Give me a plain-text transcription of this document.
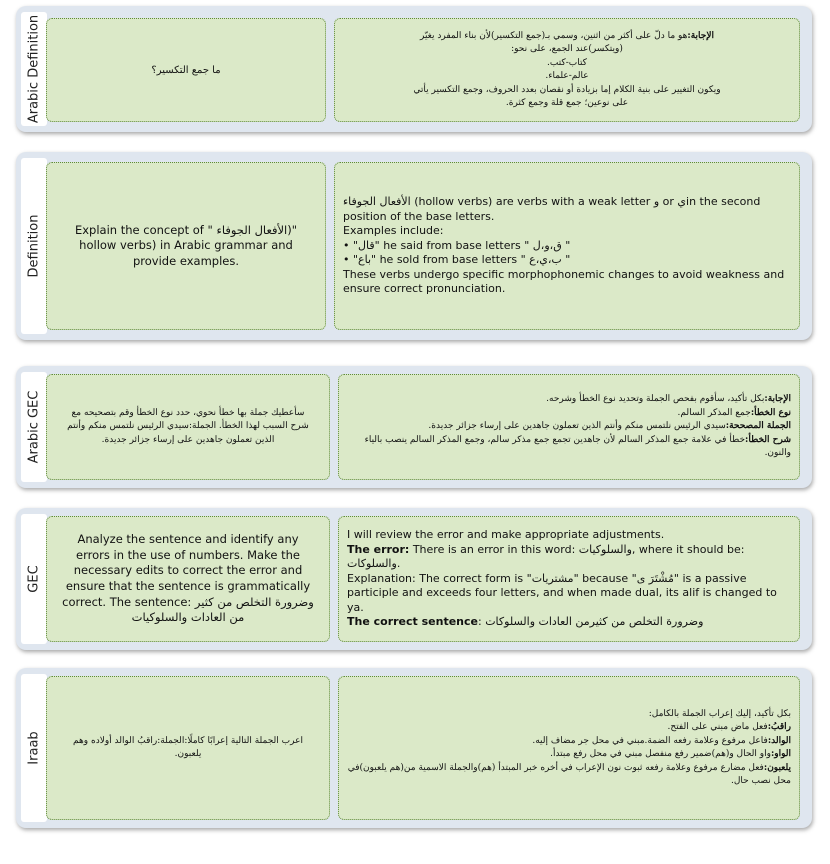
Arabic Definition	ما جمع التكسير؟
الإجابة:هو ما دلّ على أكثر من اثنين، وسمي بـ(جمع التكسير)لأن بناء المفرد يغيّر
(ويتكسر)عند الجمع، على نحو:
كتاب-كتب.
عالم-علماء.
ويكون التغيير على بنية الكلام إما بزيادة أو نقصان بعدد الحروف، وجمع التكسير يأتي
على نوعين؛ جمع قلة وجمع كثرة.
Definition	Explain the concept of " الأفعال الجوفاء)" hollow verbs) in Arabic grammar and provide examples.
الأفعال الجوفاء (hollow verbs) are verbs with a weak letter و or يin the second position of the base letters.
Examples include:
• "قال" he said from base letters " ق،و،ل "
• "باع" he sold from base letters " ب،ي،ع "
These verbs undergo specific morphophonemic changes to avoid weakness and ensure correct pronunciation.
Arabic GEC	سأعطيك جملة بها خطأ نحوي، حدد نوع الخطأ وقم بتصحيحه مع شرح السبب لهذا الخطأ. الجملة:سيدي الرئيس نلتمس منكم وأنتم الذين تعملون جاهدين على إرساء جزائر جديدة.
الإجابة:بكل تأكيد، سأقوم بفحص الجملة وتحديد نوع الخطأ وشرحه.
نوع الخطأ:جمع المذكر السالم.
الجملة المصححة:سيدي الرئيس نلتمس منكم وأنتم الذين تعملون جاهدين على إرساء جزائر جديدة.
شرح الخطأ:خطأ في علامة جمع المذكر السالم لأن جاهدين تجمع جمع مذكر سالم، وجمع المذكر السالم ينصب بالياء والنون.
GEC
Analyze the sentence and identify any errors in the use of numbers. Make the necessary edits to correct the error and ensure that the sentence is grammatically correct. The sentence: وضرورة التخلص من كثير من العادات والسلوكيات
I will review the error and make appropriate adjustments.
The error: There is an error in this word: والسلوكيات, where it should be: والسلوكات.
Explanation: The correct form is "مشتريات" because "مُشْتَرَ ى" is a passive participle and exceeds four letters, and when made dual, its alif is changed to ya.
The correct sentence: وضرورة التخلص من كثيرمن العادات والسلوكات
Iraab	اعرب الجملة التالية إعرابًا كاملًا:الجملة:راقبُ الوالد أولاده وهم يلعبون.
بكل تأكيد، إليك إعراب الجملة بالكامل:
راقبُ:فعل ماض مبني على الفتح.
الوالد:فاعل مرفوع وعلامة رفعه الضمة.مبني في محل جر مضاف إليه.
الواو:واو الحال و(هم)ضمير رفع منفصل مبني في محل رفع مبتدأ.
يلعبون:فعل مضارع مرفوع وعلامة رفعه ثبوت نون الإعراب في أخره خبر المبتدأ (هم)والجملة الاسمية من(هم يلعبون)في محل نصب حال.
